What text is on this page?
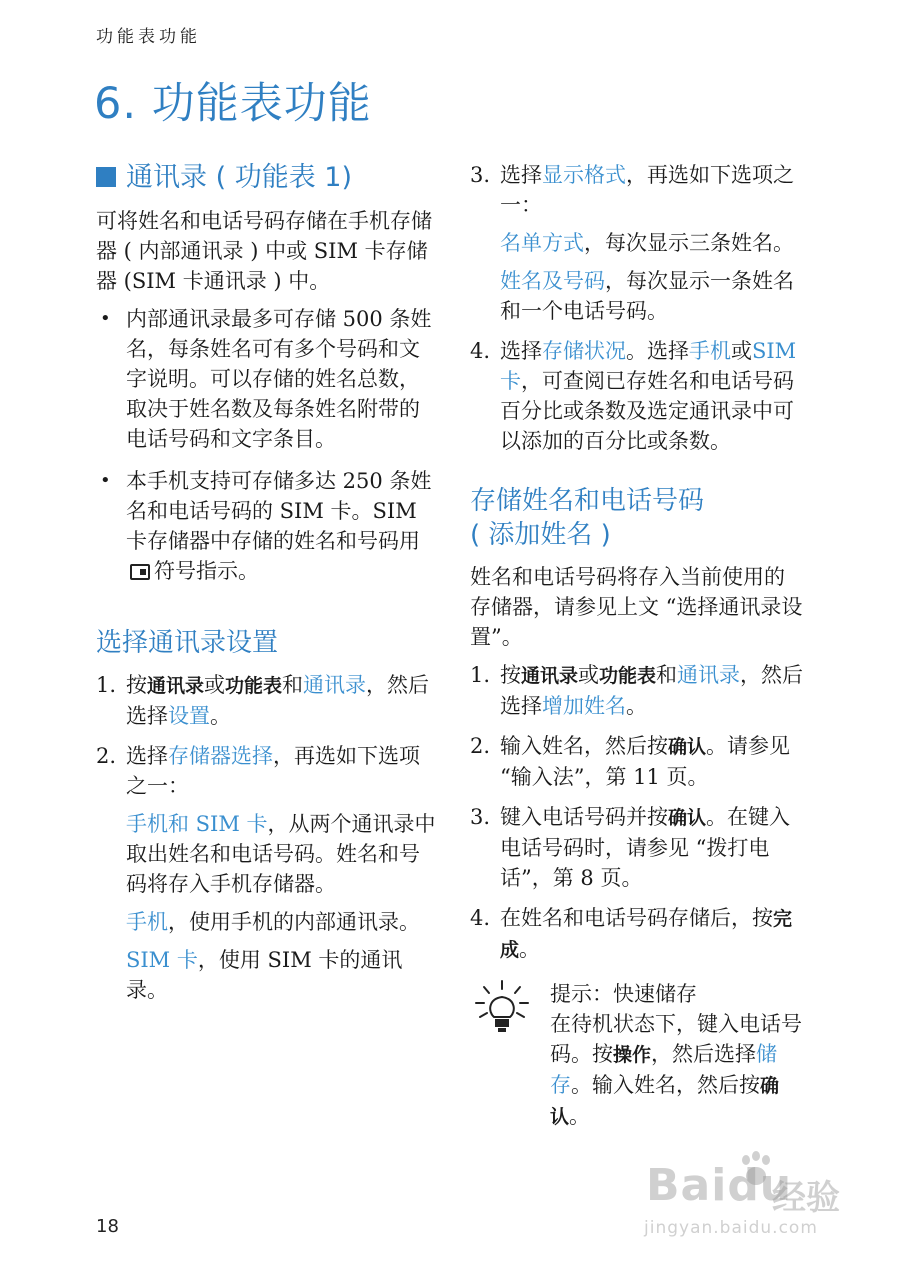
功能表功能
6. 功能表功能
通讯录 ( 功能表 1)

可将姓名和电话号码存储在手机存储器 ( 内部通讯录 ) 中或 SIM 卡存储器 (SIM 卡通讯录 ) 中。

• 内部通讯录最多可存储 500 条姓名，每条姓名可有多个号码和文字说明。可以存储的姓名总数，取决于姓名数及每条姓名附带的电话号码和文字条目。
• 本手机支持可存储多达 250 条姓名和电话号码的 SIM 卡。SIM 卡存储器中存储的姓名和号码用 符号指示。
选择通讯录设置
1. 按通讯录或功能表和通讯录，然后选择设置。
2. 选择存储器选择，再选如下选项之一：

手机和 SIM 卡，从两个通讯录中取出姓名和电话号码。姓名和号码将存入手机存储器。

手机，使用手机的内部通讯录。

SIM 卡，使用 SIM 卡的通讯录。

3. 选择显示格式，再选如下选项之一：

名单方式，每次显示三条姓名。

姓名及号码，每次显示一条姓名和一个电话号码。

4. 选择存储状况。选择手机或SIM 卡，可查阅已存姓名和电话号码百分比或条数及选定通讯录中可以添加的百分比或条数。
存储姓名和电话号码
( 添加姓名 )

姓名和电话号码将存入当前使用的存储器，请参见上文 “选择通讯录设置”。

1. 按通讯录或功能表和通讯录，然后选择增加姓名。
2. 输入姓名，然后按确认。请参见 “输入法”，第 11 页。
3. 键入电话号码并按确认。在键入电话号码时，请参见 “拨打电话”，第 8 页。
4. 在姓名和电话号码存储后，按完成。
提示：快速储存
在待机状态下，键入电话号码。按操作，然后选择储存。输入姓名，然后按确认。
18
Baidu
经验
jingyan.baidu.com
